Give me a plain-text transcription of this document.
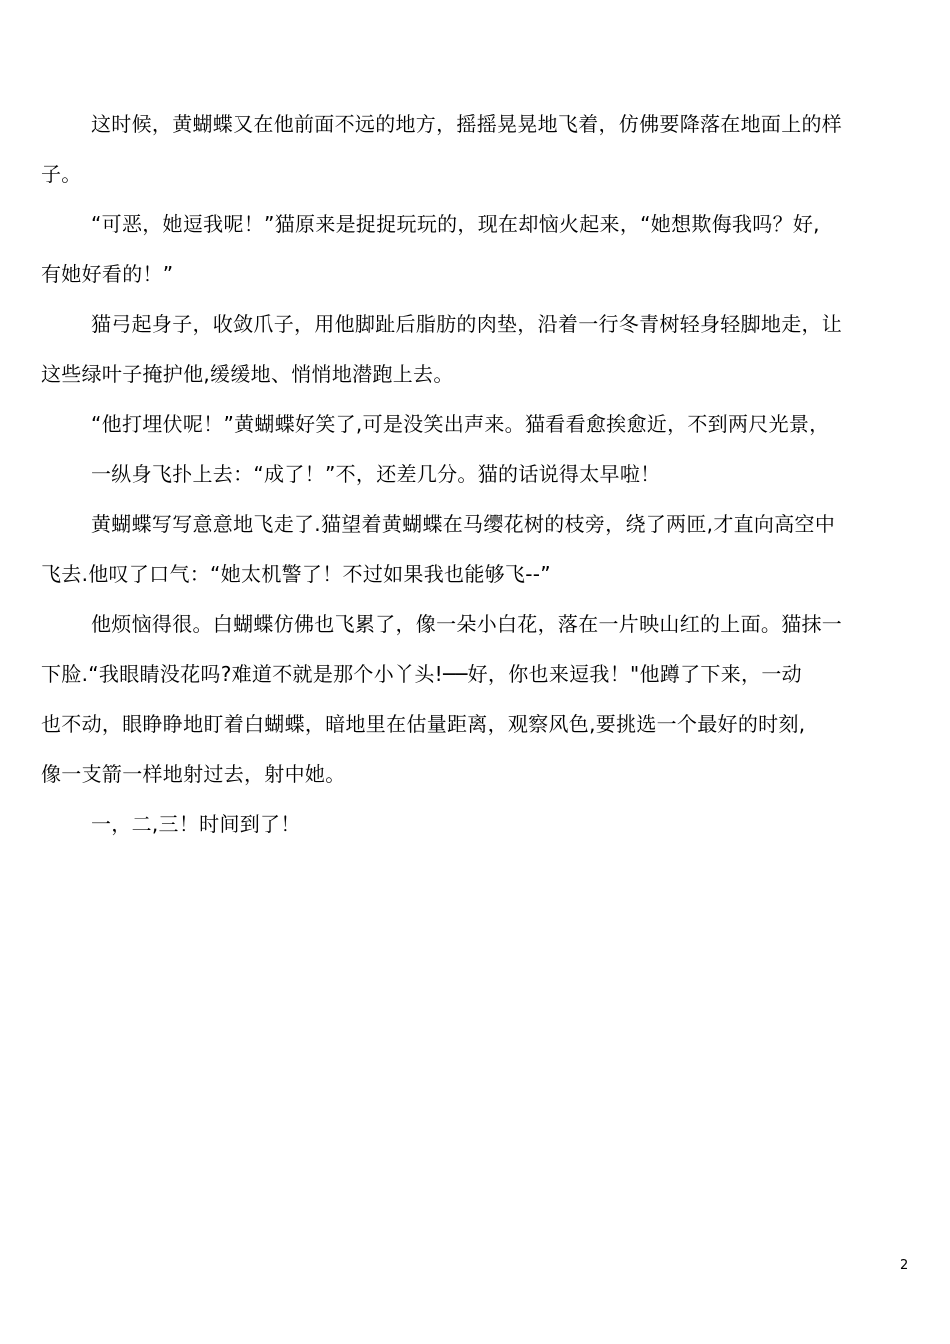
这时候，黄蝴蝶又在他前面不远的地方，摇摇晃晃地飞着，仿佛要降落在地面上的样
子。
“可恶，她逗我呢！”猫原来是捉捉玩玩的，现在却恼火起来，“她想欺侮我吗？好,
有她好看的！”
猫弓起身子，收敛爪子，用他脚趾后脂肪的肉垫，沿着一行冬青树轻身轻脚地走，让
这些绿叶子掩护他,缓缓地、悄悄地潜跑上去。
“他打埋伏呢！”黄蝴蝶好笑了,可是没笑出声来。猫看看愈挨愈近，不到两尺光景，
一纵身飞扑上去：“成了！”不，还差几分。猫的话说得太早啦！
黄蝴蝶写写意意地飞走了.猫望着黄蝴蝶在马缨花树的枝旁，绕了两匝,才直向高空中
飞去.他叹了口气：“她太机警了！不过如果我也能够飞--”
他烦恼得很。白蝴蝶仿佛也飞累了，像一朵小白花，落在一片映山红的上面。猫抹一
下脸.“我眼睛没花吗?难道不就是那个小丫头!──好，你也来逗我！"他蹲了下来，一动
也不动，眼睁睁地盯着白蝴蝶，暗地里在估量距离，观察风色,要挑选一个最好的时刻,
像一支箭一样地射过去，射中她。
一，二,三！时间到了！
2
